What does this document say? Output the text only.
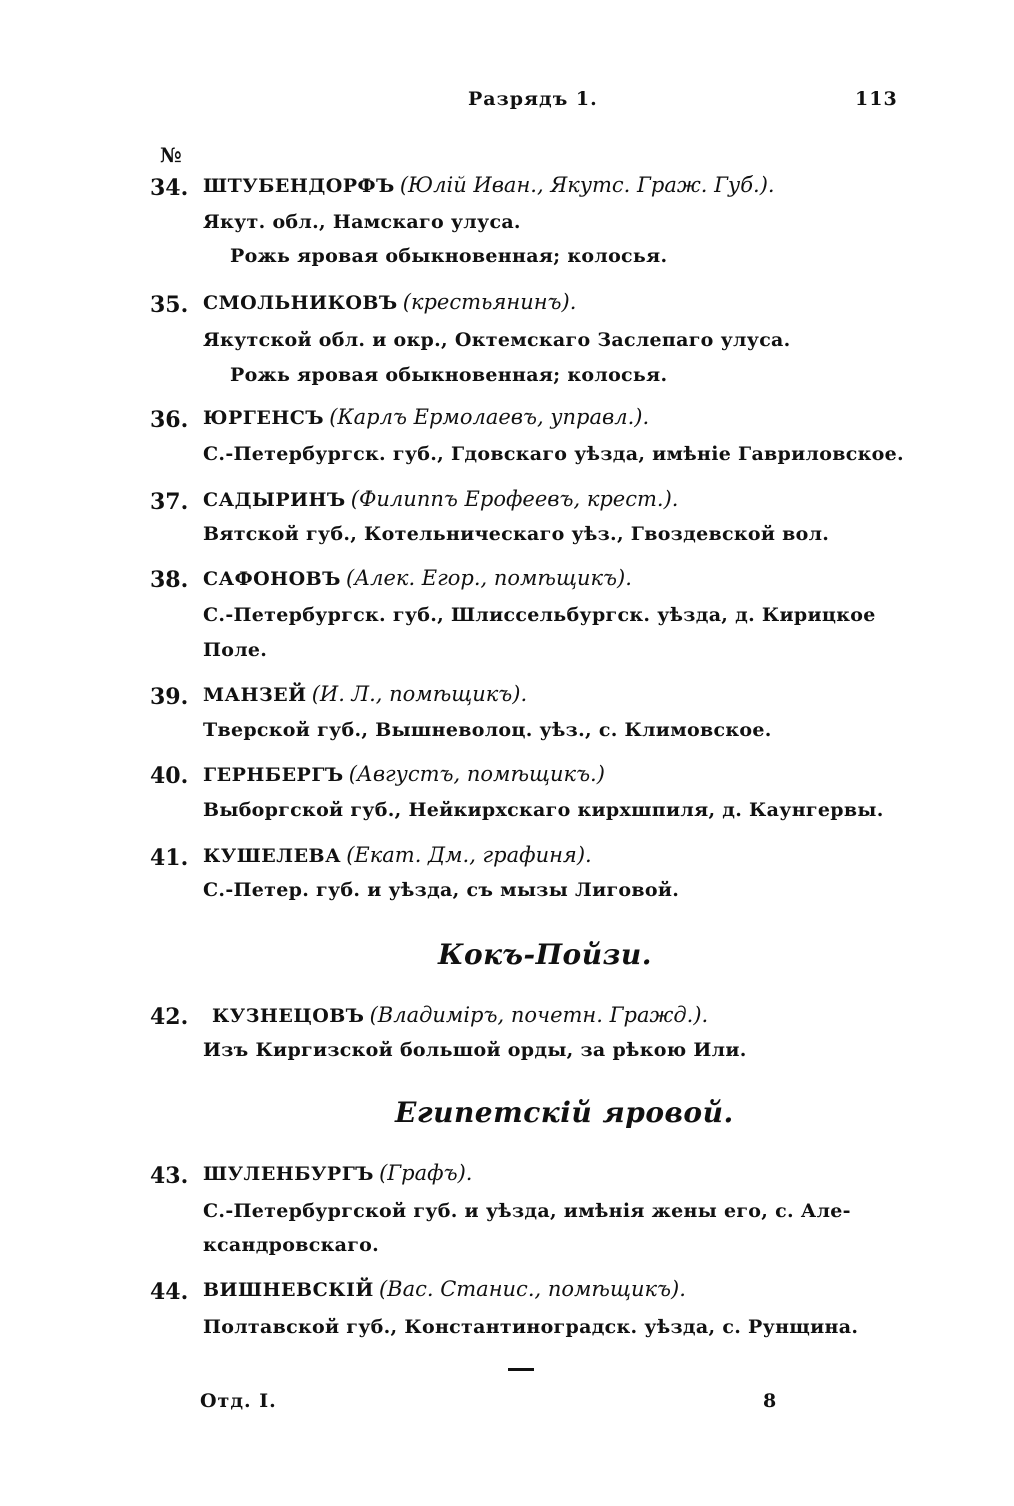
Разрядъ 1.	113
№
34. ШТУБЕНДОРФЪ (Юлiй Иван., Якутс. Граж. Губ.).
Якут. обл., Намскаго улуса.
Рожь яровая обыкновенная; колосья.
35. СМОЛЬНИКОВЪ (крестьянинъ).
Якутской обл. и окр., Октемскаго Заслепаго улуса.
Рожь яровая обыкновенная; колосья.
36. ЮРГЕНСЪ (Карлъ Ермолаевъ, управл.).
С.-Петербургск. губ., Гдовскаго уѣзда, имѣнiе Гавриловское.
37. САДЫРИНЪ (Филиппъ Ерофеевъ, крест.).
Вятской губ., Котельническаго уѣз., Гвоздевской вол.
38. САФОНОВЪ (Алек. Егор., помѣщикъ).
С.-Петербургск. губ., Шлиссельбургск. уѣзда, д. Кирицкое
Поле.
39. МАНЗЕЙ (И. Л., помѣщикъ).
Тверской губ., Вышневолоц. уѣз., с. Климовское.
40. ГЕРНБЕРГЪ (Августъ, помѣщикъ.)
Выборгской губ., Нейкирхскаго кирхшпиля, д. Каунгервы.
41. КУШЕЛЕВА (Екат. Дм., графиня).
С.-Петер. губ. и уѣзда, съ мызы Лиговой.
Кокъ-Пойзи.
42. КУЗНЕЦОВЪ (Владимiръ, почетн. Гражд.).
Изъ Киргизской большой орды, за рѣкою Или.
Египетскiй яровой.
43. ШУЛЕНБУРГЪ (Графъ).
С.-Петербургской губ. и уѣзда, имѣнiя жены его, с. Але-
ксандровскаго.
44. ВИШНЕВСКIЙ (Вас. Станис., помѣщикъ).
Полтавской губ., Константиноградск. уѣзда, с. Рунщина.
Отд. I.	8
